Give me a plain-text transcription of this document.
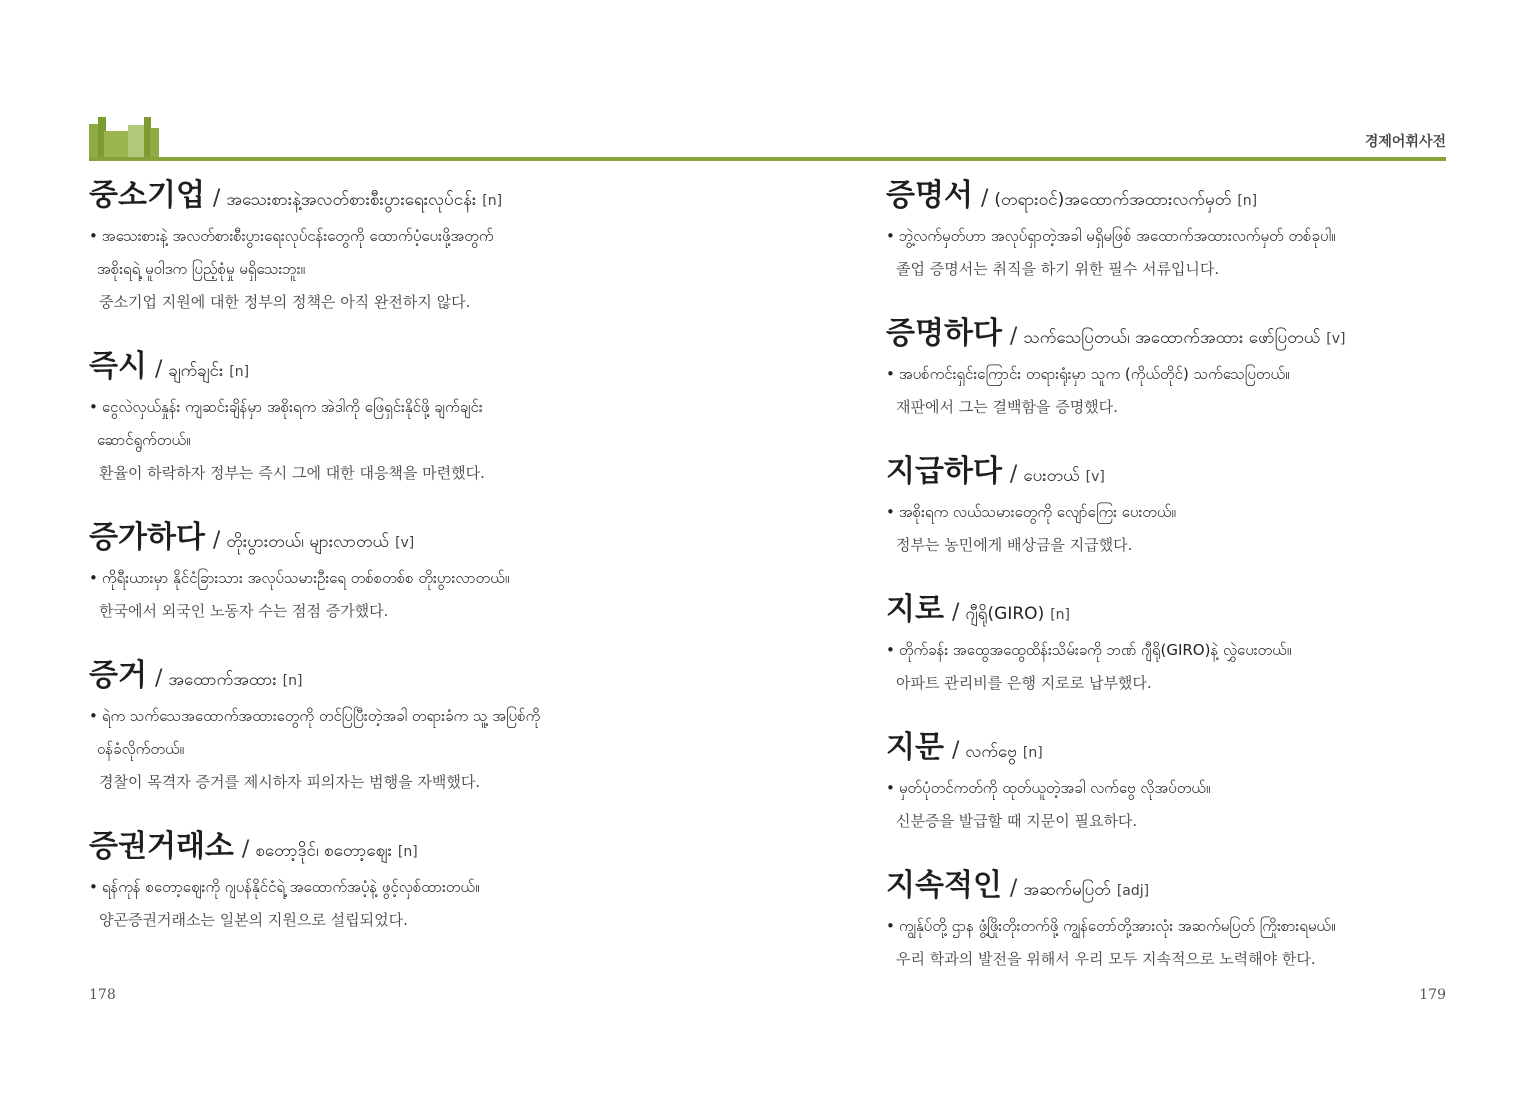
경제어휘사전
중소기업 / အသေးစားနဲ့အလတ်စားစီးပွားရေးလုပ်ငန်း [n]
• အသေးစားနဲ့ အလတ်စားစီးပွားရေးလုပ်ငန်းတွေကို ထောက်ပံ့ပေးဖို့အတွက်
အစိုးရရဲ့ မူဝါဒက ပြည့်စုံမှု မရှိသေးဘူး။
중소기업 지원에 대한 정부의 정책은 아직 완전하지 않다.
즉시 / ချက်ချင်း [n]
• ငွေလဲလှယ်နှုန်း ကျဆင်းချိန်မှာ အစိုးရက အဲဒါကို ဖြေရှင်းနိုင်ဖို့ ချက်ချင်း
ဆောင်ရွက်တယ်။
환율이 하락하자 정부는 즉시 그에 대한 대응책을 마련했다.
증가하다 / တိုးပွားတယ်၊ များလာတယ် [v]
• ကိုရီးယားမှာ နိုင်ငံခြားသား အလုပ်သမားဦးရေ တစ်စတစ်စ တိုးပွားလာတယ်။
한국에서 외국인 노동자 수는 점점 증가했다.
증거 / အထောက်အထား [n]
• ရဲက သက်သေအထောက်အထားတွေကို တင်ပြပြီးတဲ့အခါ တရားခံက သူ့ အပြစ်ကို
ဝန်ခံလိုက်တယ်။
경찰이 목격자 증거를 제시하자 피의자는 범행을 자백했다.
증권거래소 / စတော့ဒိုင်၊ စတော့ဈေး [n]
• ရန်ကုန် စတော့ဈေးကို ဂျပန်နိုင်ငံရဲ့ အထောက်အပံ့နဲ့ ဖွင့်လှစ်ထားတယ်။
양곤증권거래소는 일본의 지원으로 설립되었다.
증명서 / (တရားဝင်)အထောက်အထားလက်မှတ် [n]
• ဘွဲ့လက်မှတ်ဟာ အလုပ်ရှာတဲ့အခါ မရှိမဖြစ် အထောက်အထားလက်မှတ် တစ်ခုပါ။
졸업 증명서는 취직을 하기 위한 필수 서류입니다.
증명하다 / သက်သေပြတယ်၊ အထောက်အထား ဖော်ပြတယ် [v]
• အပစ်ကင်းရှင်းကြောင်း တရားရုံးမှာ သူက (ကိုယ်တိုင်) သက်သေပြတယ်။
재판에서 그는 결백함을 증명했다.
지급하다 / ပေးတယ် [v]
• အစိုးရက လယ်သမားတွေကို လျော်ကြေး ပေးတယ်။
정부는 농민에게 배상금을 지급했다.
지로 / ဂျီရို(GIRO) [n]
• တိုက်ခန်း အထွေအထွေထိန်းသိမ်းခကို ဘဏ် ဂျီရို(GIRO)နဲ့ လွှဲပေးတယ်။
아파트 관리비를 은행 지로로 납부했다.
지문 / လက်ဗွေ [n]
• မှတ်ပုံတင်ကတ်ကို ထုတ်ယူတဲ့အခါ လက်ဗွေ လိုအပ်တယ်။
신분증을 발급할 때 지문이 필요하다.
지속적인 / အဆက်မပြတ် [adj]
• ကျွန်ုပ်တို့ ဌာန ဖွံ့ဖြိုးတိုးတက်ဖို့ ကျွန်တော်တို့အားလုံး အဆက်မပြတ် ကြိုးစားရမယ်။
우리 학과의 발전을 위해서 우리 모두 지속적으로 노력해야 한다.
178	179
